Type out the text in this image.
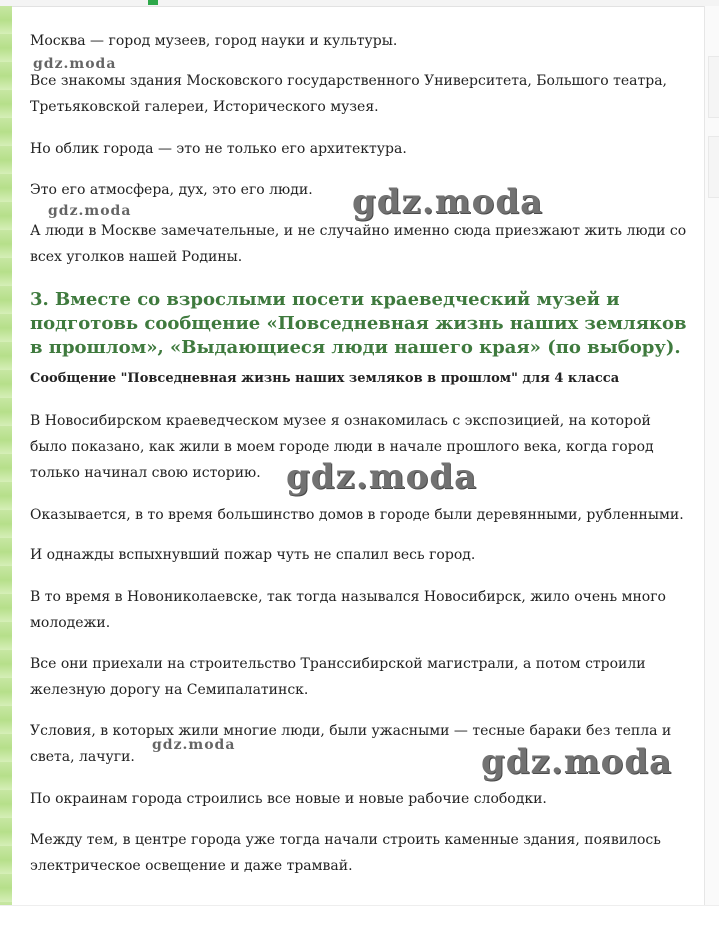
Москва — город музеев, город науки и культуры.

Все знакомы здания Московского государственного Университета, Большого театра, Третьяковской галереи, Исторического музея.

Но облик города — это не только его архитектура.

Это его атмосфера, дух, это его люди.

А люди в Москве замечательные, и не случайно именно сюда приезжают жить люди со всех уголков нашей Родины.

3. Вместе со взрослыми посети краеведческий музей и подготовь сообщение «Повседневная жизнь наших земляков в прошлом», «Выдающиеся люди нашего края» (по выбору).

Сообщение "Повседневная жизнь наших земляков в прошлом" для 4 класса

В Новосибирском краеведческом музее я ознакомилась с экспозицией, на которой было показано, как жили в моем городе люди в начале прошлого века, когда город только начинал свою историю.

Оказывается, в то время большинство домов в городе были деревянными, рубленными.

И однажды вспыхнувший пожар чуть не спалил весь город.

В то время в Новониколаевске, так тогда назывался Новосибирск, жило очень много молодежи.

Все они приехали на строительство Транссибирской магистрали, а потом строили железную дорогу на Семипалатинск.

Условия, в которых жили многие люди, были ужасными — тесные бараки без тепла и света, лачуги.

По окраинам города строились все новые и новые рабочие слободки.

Между тем, в центре города уже тогда начали строить каменные здания, появилось электрическое освещение и даже трамвай.

gdz.moda
gdz.moda
gdz.moda
gdz.moda
gdz.moda	gdz.moda
